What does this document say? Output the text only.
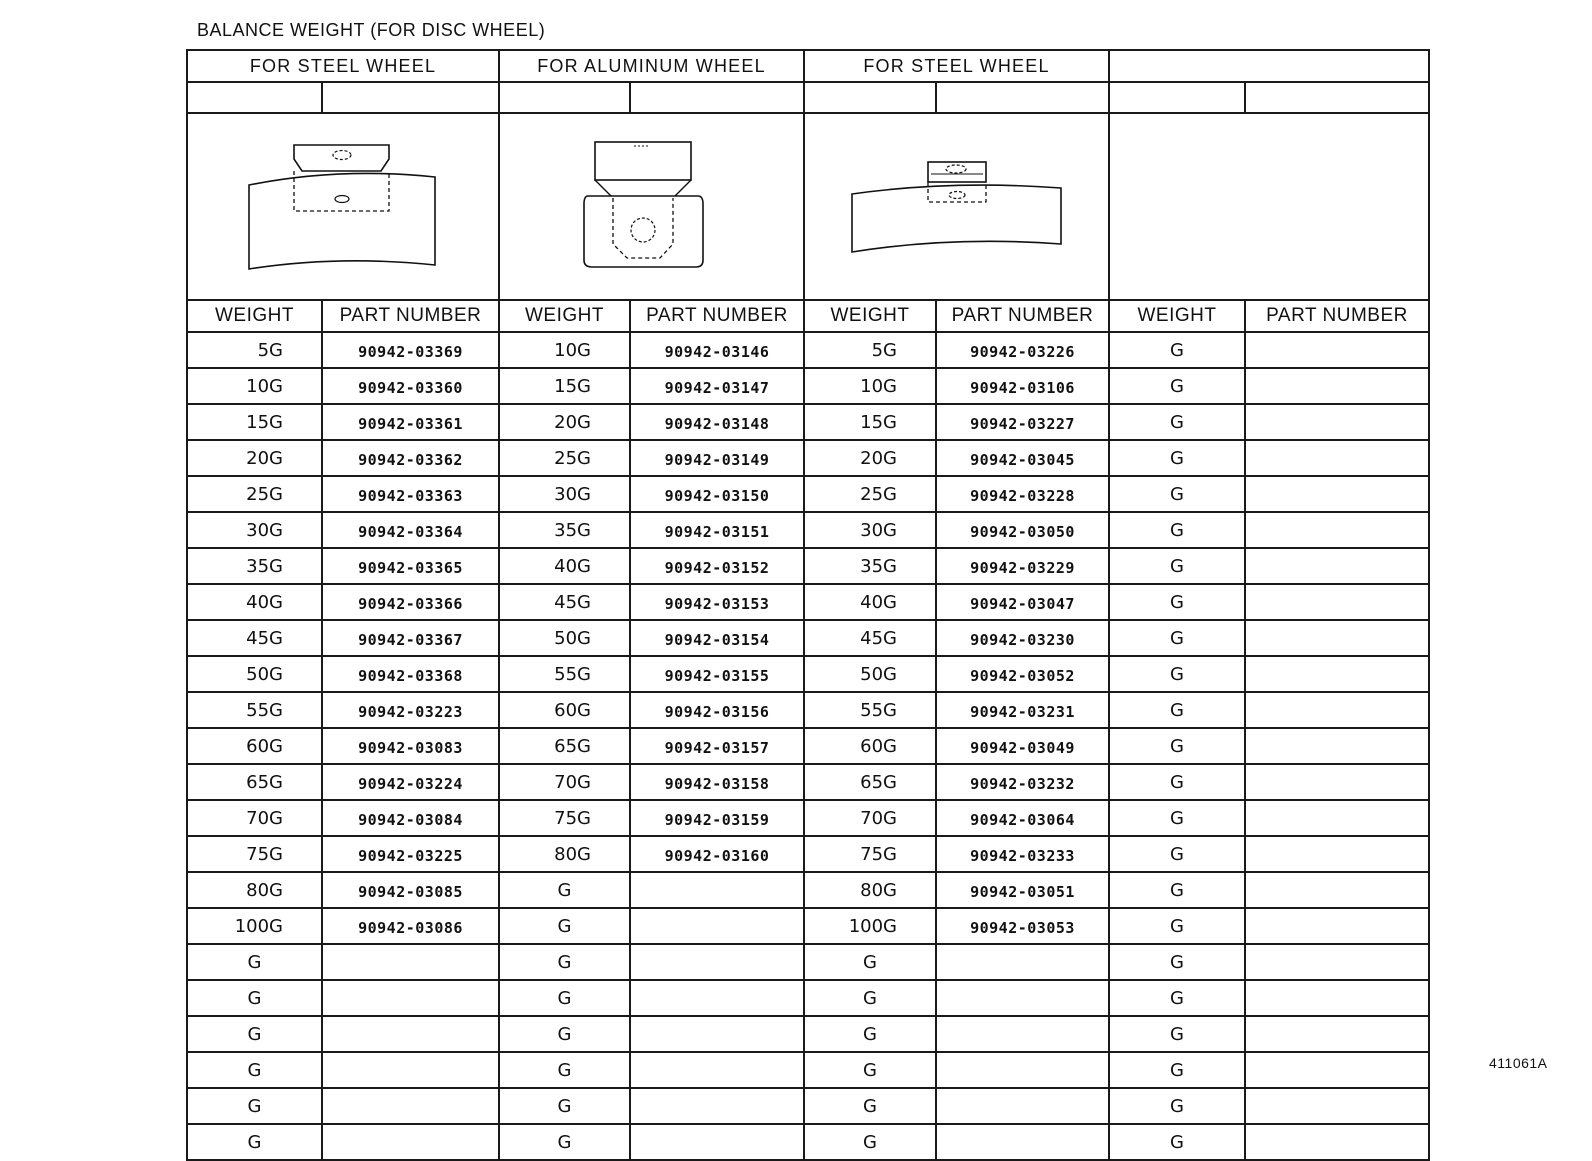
BALANCE WEIGHT (FOR DISC WHEEL)
FOR STEEL WHEEL		FOR ALUMINUM WHEEL		FOR STEEL WHEEL			

WEIGHT	PART NUMBER	WEIGHT	PART NUMBER	WEIGHT	PART NUMBER	WEIGHT	PART NUMBER
5G	90942-03369	10G	90942-03146	5G	90942-03226	G	
10G	90942-03360	15G	90942-03147	10G	90942-03106	G	
15G	90942-03361	20G	90942-03148	15G	90942-03227	G	
20G	90942-03362	25G	90942-03149	20G	90942-03045	G	
25G	90942-03363	30G	90942-03150	25G	90942-03228	G	
30G	90942-03364	35G	90942-03151	30G	90942-03050	G	
35G	90942-03365	40G	90942-03152	35G	90942-03229	G	
40G	90942-03366	45G	90942-03153	40G	90942-03047	G	
45G	90942-03367	50G	90942-03154	45G	90942-03230	G	
50G	90942-03368	55G	90942-03155	50G	90942-03052	G	
55G	90942-03223	60G	90942-03156	55G	90942-03231	G	
60G	90942-03083	65G	90942-03157	60G	90942-03049	G	
65G	90942-03224	70G	90942-03158	65G	90942-03232	G	
70G	90942-03084	75G	90942-03159	70G	90942-03064	G	
75G	90942-03225	80G	90942-03160	75G	90942-03233	G	
80G	90942-03085	G		80G	90942-03051	G	
100G	90942-03086	G		100G	90942-03053	G	
G		G		G		G	
G		G		G		G	
G		G		G		G	
G		G		G		G	
G		G		G		G	
G		G		G		G	
411061A
